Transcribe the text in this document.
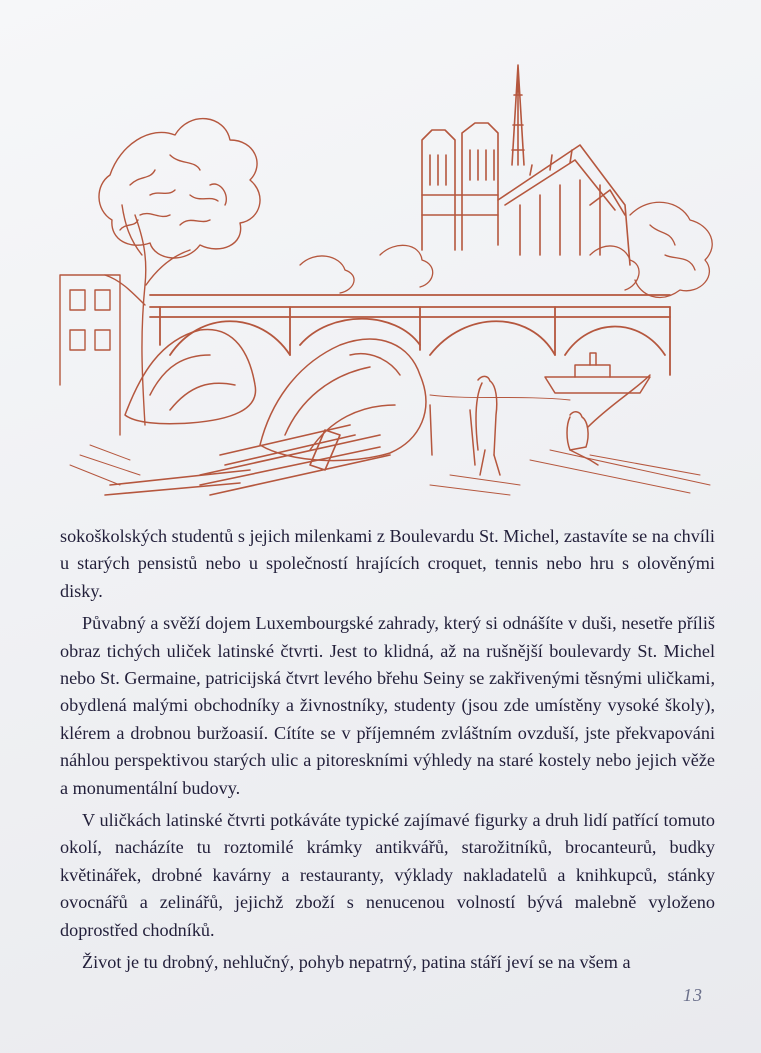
sokoškolských studentů s jejich milenkami z Boulevardu St. Michel, zastavíte se na chvíli u starých pensistů nebo u společností hrajících croquet, tennis nebo hru s olověnými disky.

Půvabný a svěží dojem Luxembourgské zahrady, který si odnášíte v duši, nesetře příliš obraz tichých uliček latinské čtvrti. Jest to klidná, až na rušnější boulevardy St. Michel nebo St. Germaine, patricijská čtvrt levého břehu Seiny se zakřivenými těsnými uličkami, obydlená malými obchodníky a živnostníky, studenty (jsou zde umístěny vysoké školy), klérem a drobnou buržoasií. Cítíte se v příjemném zvláštním ovzduší, jste překvapováni náhlou perspektivou starých ulic a pitoreskními výhledy na staré kostely nebo jejich věže a monumentální budovy.

V uličkách latinské čtvrti potkáváte typické zajímavé figurky a druh lidí patřící tomuto okolí, nacházíte tu roztomilé krámky antikvářů, starožitníků, brocanteurů, budky květinářek, drobné kavárny a restauranty, výklady nakladatelů a knihkupců, stánky ovocnářů a zelinářů, jejichž zboží s nenucenou volností bývá malebně vyloženo doprostřed chodníků.

Život je tu drobný, nehlučný, pohyb nepatrný, patina stáří jeví se na všem a

13
